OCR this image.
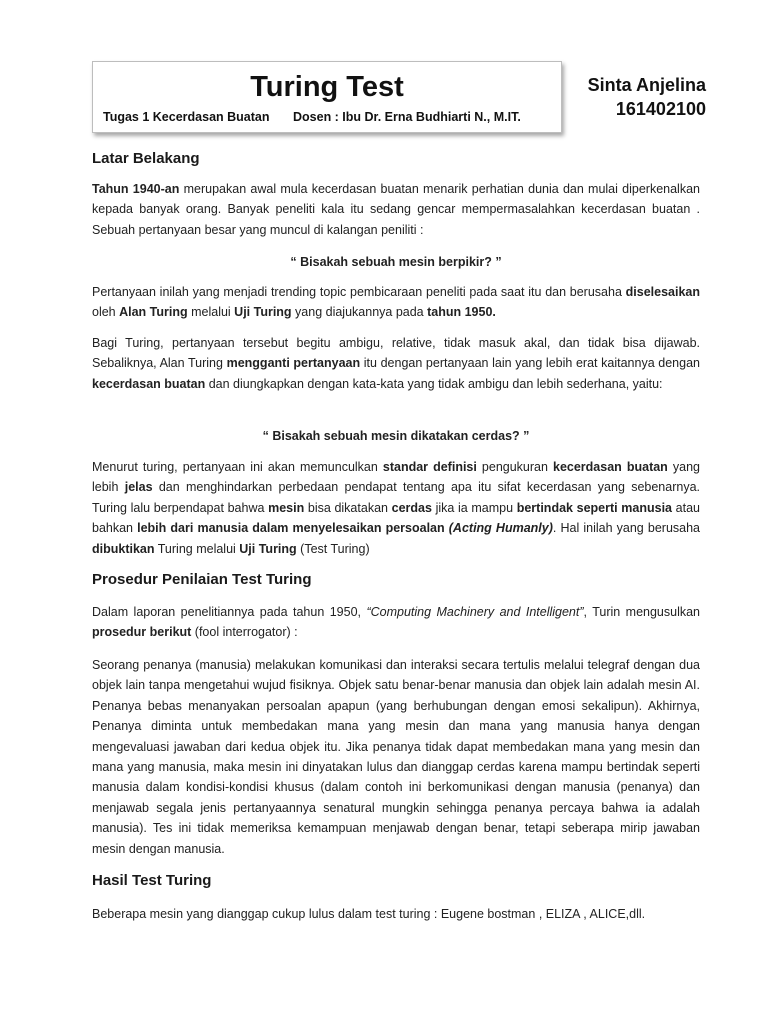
Turing Test
Tugas 1 Kecerdasan Buatan Dosen : Ibu Dr. Erna Budhiarti N., M.IT.
Sinta Anjelina
161402100
Latar Belakang

Tahun 1940-an merupakan awal mula kecerdasan buatan menarik perhatian dunia dan mulai diperkenalkan kepada banyak orang. Banyak peneliti kala itu sedang gencar mempermasalahkan kecerdasan buatan . Sebuah pertanyaan besar yang muncul di kalangan peniliti :

“ Bisakah sebuah mesin berpikir? ”

Pertanyaan inilah yang menjadi trending topic pembicaraan peneliti pada saat itu dan berusaha diselesaikan oleh Alan Turing melalui Uji Turing yang diajukannya pada tahun 1950.

Bagi Turing, pertanyaan tersebut begitu ambigu, relative, tidak masuk akal, dan tidak bisa dijawab. Sebaliknya, Alan Turing mengganti pertanyaan itu dengan pertanyaan lain yang lebih erat kaitannya dengan kecerdasan buatan dan diungkapkan dengan kata-kata yang tidak ambigu dan lebih sederhana, yaitu:

“ Bisakah sebuah mesin dikatakan cerdas? ”

Menurut turing, pertanyaan ini akan memunculkan standar definisi pengukuran kecerdasan buatan yang lebih jelas dan menghindarkan perbedaan pendapat tentang apa itu sifat kecerdasan yang sebenarnya. Turing lalu berpendapat bahwa mesin bisa dikatakan cerdas jika ia mampu bertindak seperti manusia atau bahkan lebih dari manusia dalam menyelesaikan persoalan (Acting Humanly). Hal inilah yang berusaha dibuktikan Turing melalui Uji Turing (Test Turing)

Prosedur Penilaian Test Turing

Dalam laporan penelitiannya pada tahun 1950, “Computing Machinery and Intelligent”, Turin mengusulkan prosedur berikut (fool interrogator) :

Seorang penanya (manusia) melakukan komunikasi dan interaksi secara tertulis melalui telegraf dengan dua objek lain tanpa mengetahui wujud fisiknya. Objek satu benar-benar manusia dan objek lain adalah mesin AI. Penanya bebas menanyakan persoalan apapun (yang berhubungan dengan emosi sekalipun). Akhirnya, Penanya diminta untuk membedakan mana yang mesin dan mana yang manusia hanya dengan mengevaluasi jawaban dari kedua objek itu. Jika penanya tidak dapat membedakan mana yang mesin dan mana yang manusia, maka mesin ini dinyatakan lulus dan dianggap cerdas karena mampu bertindak seperti manusia dalam kondisi-kondisi khusus (dalam contoh ini berkomunikasi dengan manusia (penanya) dan menjawab segala jenis pertanyaannya senatural mungkin sehingga penanya percaya bahwa ia adalah manusia). Tes ini tidak memeriksa kemampuan menjawab dengan benar, tetapi seberapa mirip jawaban mesin dengan manusia.

Hasil Test Turing

Beberapa mesin yang dianggap cukup lulus dalam test turing : Eugene bostman , ELIZA , ALICE,dll.
